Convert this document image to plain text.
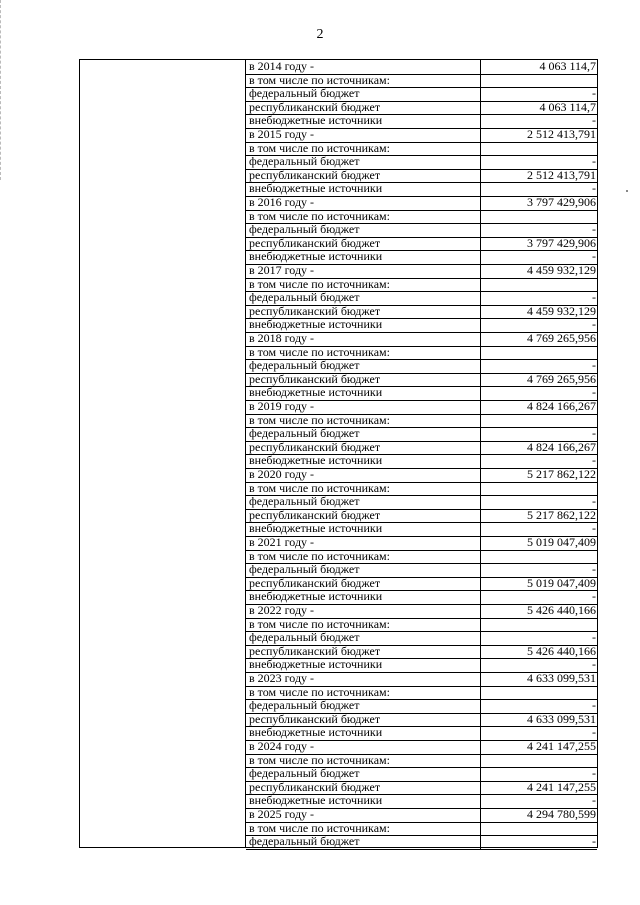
2
в 2014 году -	4 063 114,7
в том числе по источникам:
федеральный бюджет	-
республиканский бюджет	4 063 114,7
внебюджетные источники	-
в 2015 году -	2 512 413,791
в том числе по источникам:
федеральный бюджет	-
республиканский бюджет	2 512 413,791
внебюджетные источники	-
в 2016 году -	3 797 429,906
в том числе по источникам:
федеральный бюджет	-
республиканский бюджет	3 797 429,906
внебюджетные источники	-
в 2017 году -	4 459 932,129
в том числе по источникам:
федеральный бюджет	-
республиканский бюджет	4 459 932,129
внебюджетные источники	-
в 2018 году -	4 769 265,956
в том числе по источникам:
федеральный бюджет	-
республиканский бюджет	4 769 265,956
внебюджетные источники	-
в 2019 году -	4 824 166,267
в том числе по источникам:
федеральный бюджет	-
республиканский бюджет	4 824 166,267
внебюджетные источники	-
в 2020 году -	5 217 862,122
в том числе по источникам:
федеральный бюджет	-
республиканский бюджет	5 217 862,122
внебюджетные источники	-
в 2021 году -	5 019 047,409
в том числе по источникам:
федеральный бюджет	-
республиканский бюджет	5 019 047,409
внебюджетные источники	-
в 2022 году -	5 426 440,166
в том числе по источникам:
федеральный бюджет	-
республиканский бюджет	5 426 440,166
внебюджетные источники	-
в 2023 году -	4 633 099,531
в том числе по источникам:
федеральный бюджет	-
республиканский бюджет	4 633 099,531
внебюджетные источники	-
в 2024 году -	4 241 147,255
в том числе по источникам:
федеральный бюджет	-
республиканский бюджет	4 241 147,255
внебюджетные источники	-
в 2025 году -	4 294 780,599
в том числе по источникам:
федеральный бюджет	-
